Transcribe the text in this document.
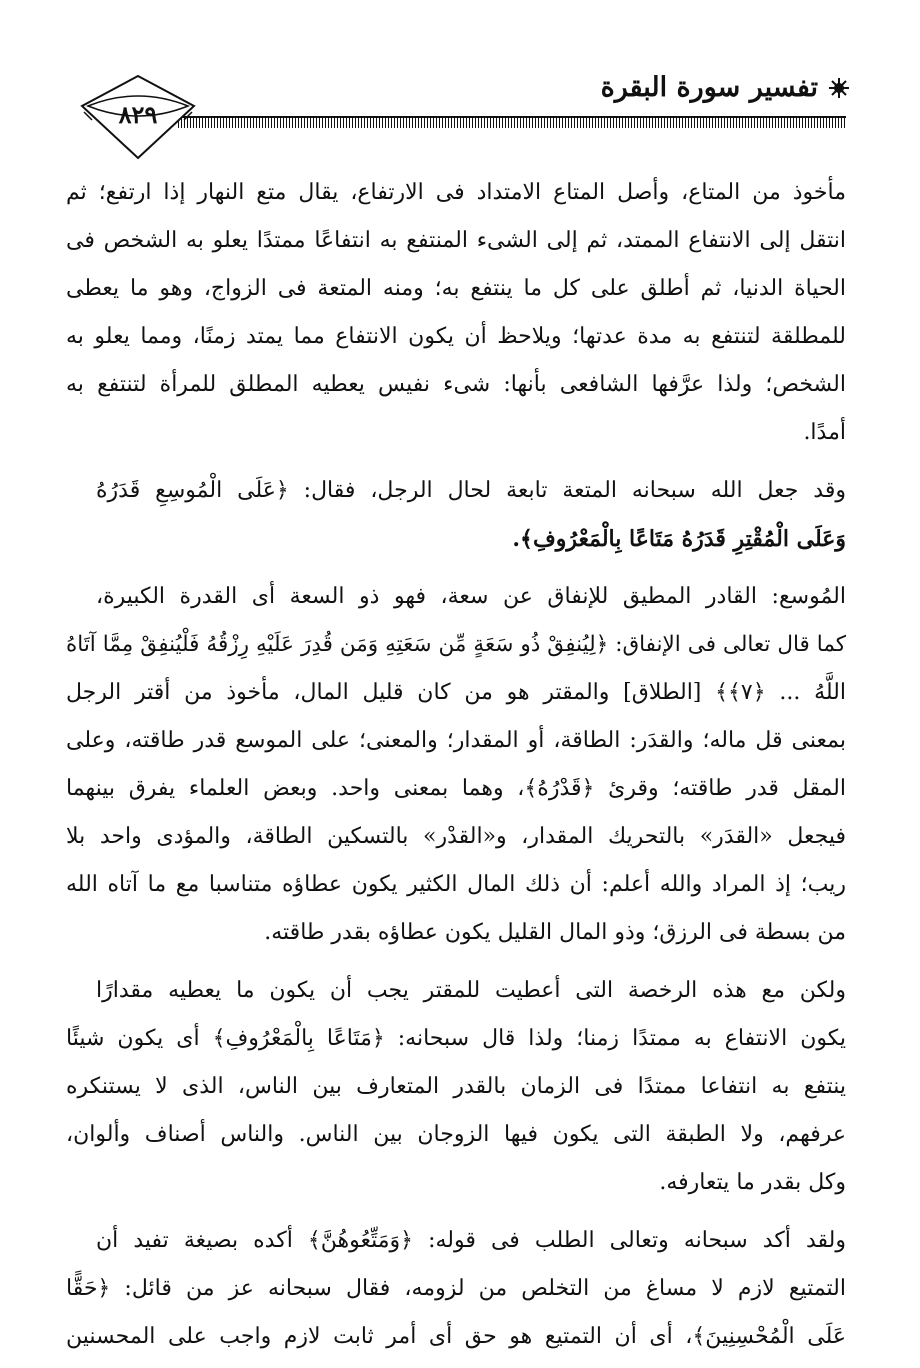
تفسير سورة البقرة
٨٢٩
مأخوذ من المتاع، وأصل المتاع الامتداد فى الارتفاع، يقال متع النهار إذا ارتفع؛ ثم
انتقل إلى الانتفاع الممتد، ثم إلى الشىء المنتفع به انتفاعًا ممتدًا يعلو به الشخص فى
الحياة الدنيا، ثم أطلق على كل ما ينتفع به؛ ومنه المتعة فى الزواج، وهو ما يعطى
للمطلقة لتنتفع به مدة عدتها؛ ويلاحظ أن يكون الانتفاع مما يمتد زمنًا، ومما يعلو به
الشخص؛ ولذا عرَّفها الشافعى بأنها: شىء نفيس يعطيه المطلق للمرأة لتنتفع به
أمدًا.
وقد جعل الله سبحانه المتعة تابعة لحال الرجل، فقال: ﴿عَلَى الْمُوسِعِ قَدَرُهُ
وَعَلَى الْمُقْتِرِ قَدَرُهُ مَتَاعًا بِالْمَعْرُوفِ﴾.
المُوسع: القادر المطيق للإنفاق عن سعة، فهو ذو السعة أى القدرة الكبيرة،
كما قال تعالى فى الإنفاق: ﴿لِيُنفِقْ ذُو سَعَةٍ مِّن سَعَتِهِ وَمَن قُدِرَ عَلَيْهِ رِزْقُهُ فَلْيُنفِقْ مِمَّا آتَاهُ
اللَّهُ ... ﴿٧﴾﴾ [الطلاق] والمقتر هو من كان قليل المال، مأخوذ من أقتر الرجل
بمعنى قل ماله؛ والقدَر: الطاقة، أو المقدار؛ والمعنى؛ على الموسع قدر طاقته، وعلى
المقل قدر طاقته؛ وقرئ ﴿قَدْرُهُ﴾، وهما بمعنى واحد. وبعض العلماء يفرق بينهما
فيجعل «القدَر» بالتحريك المقدار، و«القدْر» بالتسكين الطاقة، والمؤدى واحد بلا
ريب؛ إذ المراد والله أعلم: أن ذلك المال الكثير يكون عطاؤه متناسبا مع ما آتاه الله
من بسطة فى الرزق؛ وذو المال القليل يكون عطاؤه بقدر طاقته.
ولكن مع هذه الرخصة التى أعطيت للمقتر يجب أن يكون ما يعطيه مقدارًا
يكون الانتفاع به ممتدًا زمنا؛ ولذا قال سبحانه: ﴿مَتَاعًا بِالْمَعْرُوفِ﴾ أى يكون شيئًا
ينتفع به انتفاعا ممتدًا فى الزمان بالقدر المتعارف بين الناس، الذى لا يستنكره
عرفهم، ولا الطبقة التى يكون فيها الزوجان بين الناس. والناس أصناف وألوان،
وكل بقدر ما يتعارفه.
ولقد أكد سبحانه وتعالى الطلب فى قوله: ﴿وَمَتِّعُوهُنَّ﴾ أكده بصيغة تفيد أن
التمتيع لازم لا مساغ من التخلص من لزومه، فقال سبحانه عز من قائل: ﴿حَقًّا
عَلَى الْمُحْسِنِينَ﴾، أى أن التمتيع هو حق أى أمر ثابت لازم واجب على المحسنين
